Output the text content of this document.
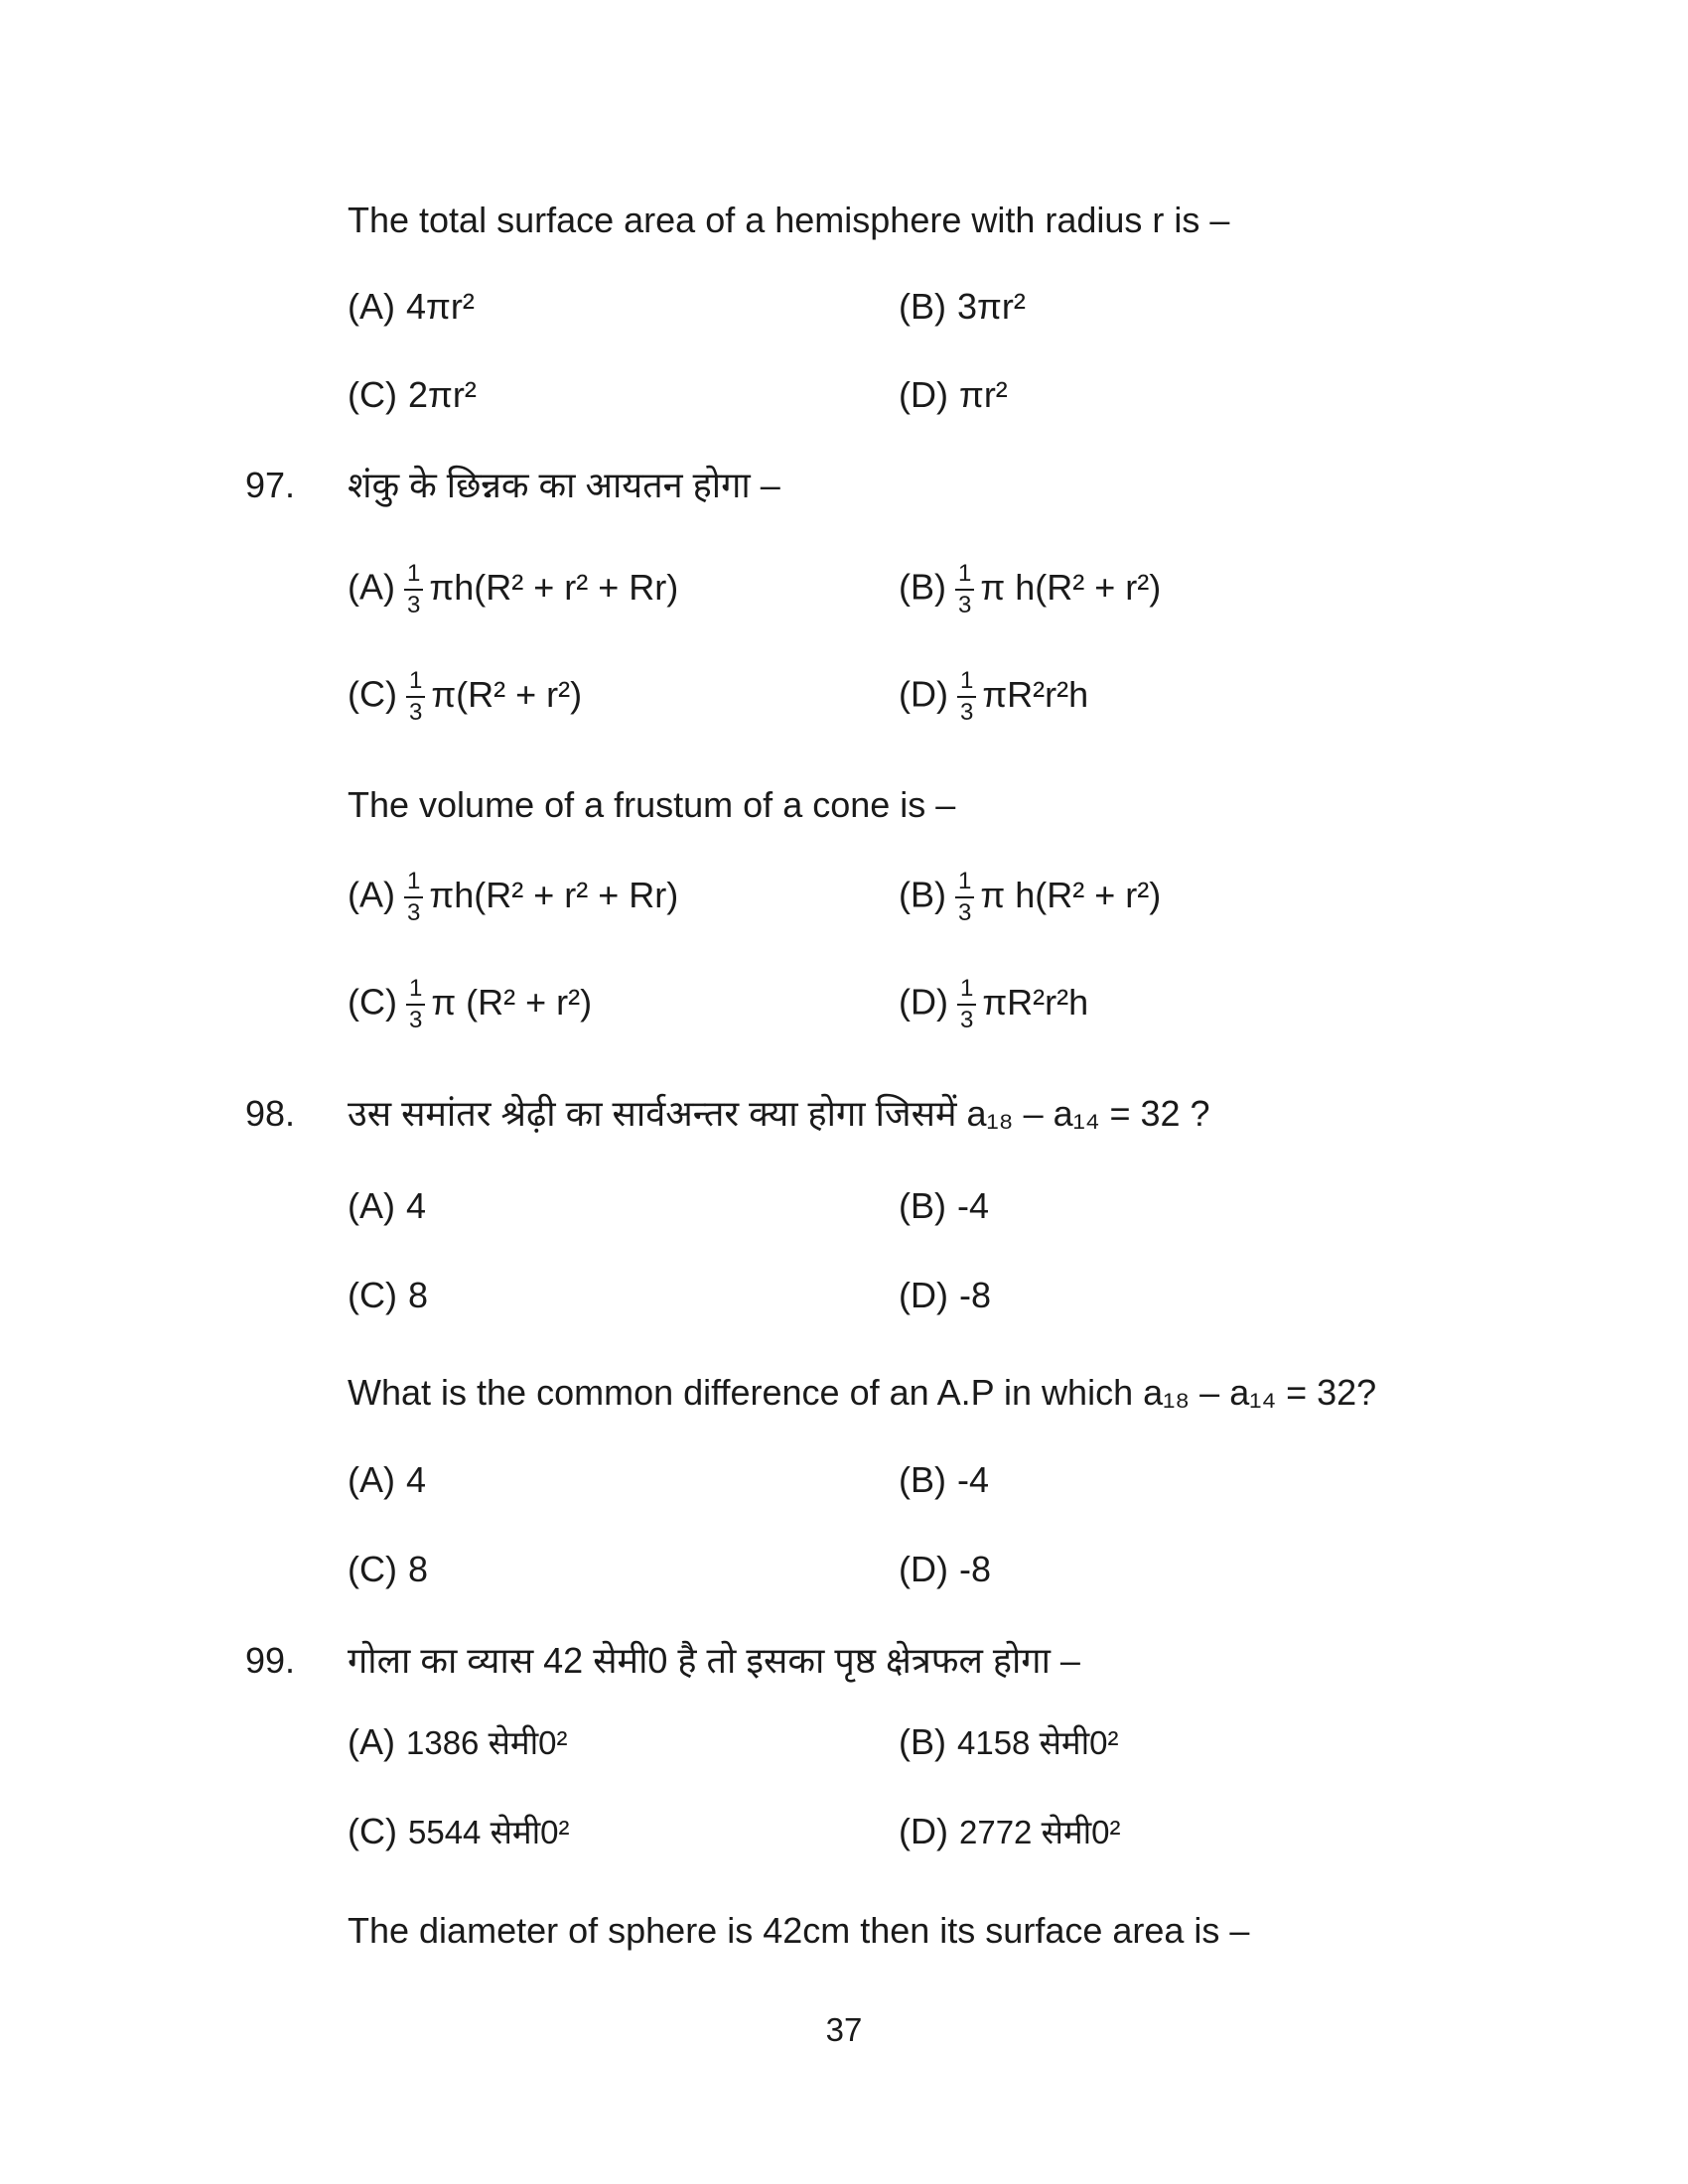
The total surface area of a hemisphere with radius r is –
(A) 4πr²	(B) 3πr²
(C) 2πr²	(D) πr²
97. शंकु के छिन्नक का आयतन होगा –
$(A) \frac{1}{3} \pi h(R^2 + r^2 + Rr)$	$(B) \frac{1}{3}$ π h(R² + r²)
$(C) \frac{1}{3} \pi(R^2 + r^2)$	$(D) \frac{1}{3} \pi R^2r^2h$
The volume of a frustum of a cone is –
$(A) \frac{1}{3} \pi h(R^2 + r^2 + Rr)$	$(B) \frac{1}{3}$ π h(R² + r²)
$(C) \frac{1}{3}$ π (R² + r²)	$(D) \frac{1}{3} \pi R^2r^2h$
98. उस समांतर श्रेढ़ी का सार्वअन्तर क्या होगा जिसमें a₁₈ – a₁₄ = 32 ?
(A) 4	(B) -4
(C) 8	(D) -8
What is the common difference of an A.P in which a₁₈ – a₁₄ = 32?
(A) 4	(B) -4
(C) 8	(D) -8
99. गोला का व्यास 42 सेमी0 है तो इसका पृष्ठ क्षेत्रफल होगा –
(A) 1386 सेमी0²	(B) 4158 सेमी0²
(C) 5544 सेमी0²	(D) 2772 सेमी0²
The diameter of sphere is 42cm then its surface area is –
37
